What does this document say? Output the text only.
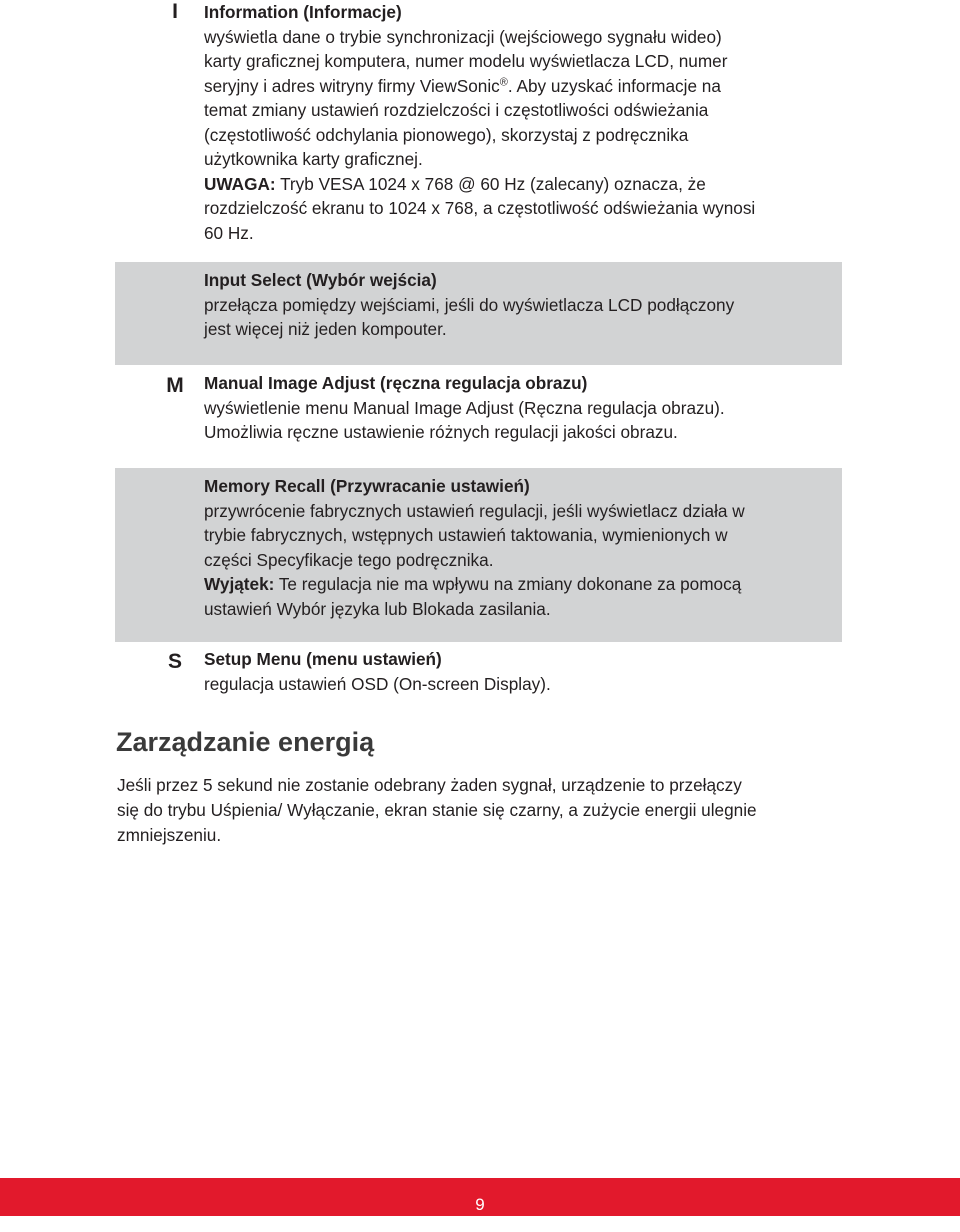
I	Information (Informacje)
wyświetla dane o trybie synchronizacji (wejściowego sygnału wideo)
karty graficznej komputera, numer modelu wyświetlacza LCD, numer
seryjny i adres witryny firmy ViewSonic®. Aby uzyskać informacje na
temat zmiany ustawień rozdzielczości i częstotliwości odświeżania
(częstotliwość odchylania pionowego), skorzystaj z podręcznika
użytkownika karty graficznej.
UWAGA: Tryb VESA 1024 x 768 @ 60 Hz (zalecany) oznacza, że
rozdzielczość ekranu to 1024 x 768, a częstotliwość odświeżania wynosi
60 Hz.
Input Select (Wybór wejścia)
przełącza pomiędzy wejściami, jeśli do wyświetlacza LCD podłączony
jest więcej niż jeden kompouter.
M	Manual Image Adjust (ręczna regulacja obrazu)
wyświetlenie menu Manual Image Adjust (Ręczna regulacja obrazu).
Umożliwia ręczne ustawienie różnych regulacji jakości obrazu.
Memory Recall (Przywracanie ustawień)
przywrócenie fabrycznych ustawień regulacji, jeśli wyświetlacz działa w
trybie fabrycznych, wstępnych ustawień taktowania, wymienionych w
części Specyfikacje tego podręcznika.
Wyjątek: Te regulacja nie ma wpływu na zmiany dokonane za pomocą
ustawień Wybór języka lub Blokada zasilania.
S	Setup Menu (menu ustawień)
regulacja ustawień OSD (On-screen Display).
Zarządzanie energią
Jeśli przez 5 sekund nie zostanie odebrany żaden sygnał, urządzenie to przełączy
się do trybu Uśpienia/ Wyłączanie, ekran stanie się czarny, a zużycie energii ulegnie
zmniejszeniu.
9
